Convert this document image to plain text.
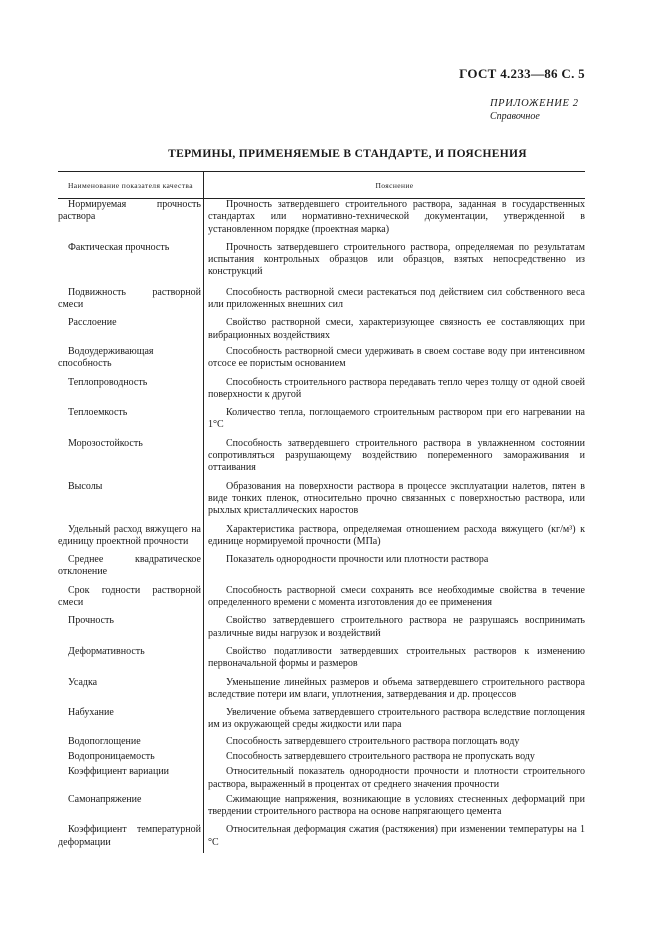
ГОСТ 4.233—86 С. 5
ПРИЛОЖЕНИЕ 2
Справочное
ТЕРМИНЫ, ПРИМЕНЯЕМЫЕ В СТАНДАРТЕ, И ПОЯСНЕНИЯ
Наименование показателя качества	Пояснение

Нормируемая прочность раствора	Прочность затвердевшего строительного раствора, заданная в государственных стандартах или нормативно-технической документации, утвержденной в установленном порядке (проектная марка)

Фактическая прочность	Прочность затвердевшего строительного раствора, определяемая по результатам испытания контрольных образцов или образцов, взятых непосредственно из конструкций

Подвижность растворной смеси	Способность растворной смеси растекаться под действием сил собственного веса или приложенных внешних сил

Расслоение	Свойство растворной смеси, характеризующее связность ее составляющих при вибрационных воздействиях

Водоудерживающая способность	Способность растворной смеси удерживать в своем составе воду при интенсивном отсосе ее пористым основанием

Теплопроводность	Способность строительного раствора передавать тепло через толщу от одной своей поверхности к другой

Теплоемкость	Количество тепла, поглощаемого строительным раствором при его нагревании на 1°С

Морозостойкость	Способность затвердевшего строительного раствора в увлажненном состоянии сопротивляться разрушающему воздействию попеременного замораживания и оттаивания

Высолы	Образования на поверхности раствора в процессе эксплуатации налетов, пятен в виде тонких пленок, относительно прочно связанных с поверхностью раствора, или рыхлых кристаллических наростов

Удельный расход вяжущего на единицу проектной прочности	Характеристика раствора, определяемая отношением расхода вяжущего (кг/м³) к единице нормируемой прочности (МПа)

Среднее квадратическое отклонение	Показатель однородности прочности или плотности раствора

Срок годности растворной смеси	Способность растворной смеси сохранять все необходимые свойства в течение определенного времени с момента изготовления до ее применения

Прочность	Свойство затвердевшего строительного раствора не разрушаясь воспринимать различные виды нагрузок и воздействий

Деформативность	Свойство податливости затвердевших строительных растворов к изменению первоначальной формы и размеров

Усадка	Уменьшение линейных размеров и объема затвердевшего строительного раствора вследствие потери им влаги, уплотнения, затвердевания и др. процессов

Набухание	Увеличение объема затвердевшего строительного раствора вследствие поглощения им из окружающей среды жидкости или пара

Водопоглощение	Способность затвердевшего строительного раствора поглощать воду

Водопроницаемость	Способность затвердевшего строительного раствора не пропускать воду

Коэффициент вариации	Относительный показатель однородности прочности и плотности строительного раствора, выраженный в процентах от среднего значения прочности

Самонапряжение	Сжимающие напряжения, возникающие в условиях стесненных деформаций при твердении строительного раствора на основе напрягающего цемента

Коэффициент температурной деформации	Относительная деформация сжатия (растяжения) при изменении температуры на 1 °С
